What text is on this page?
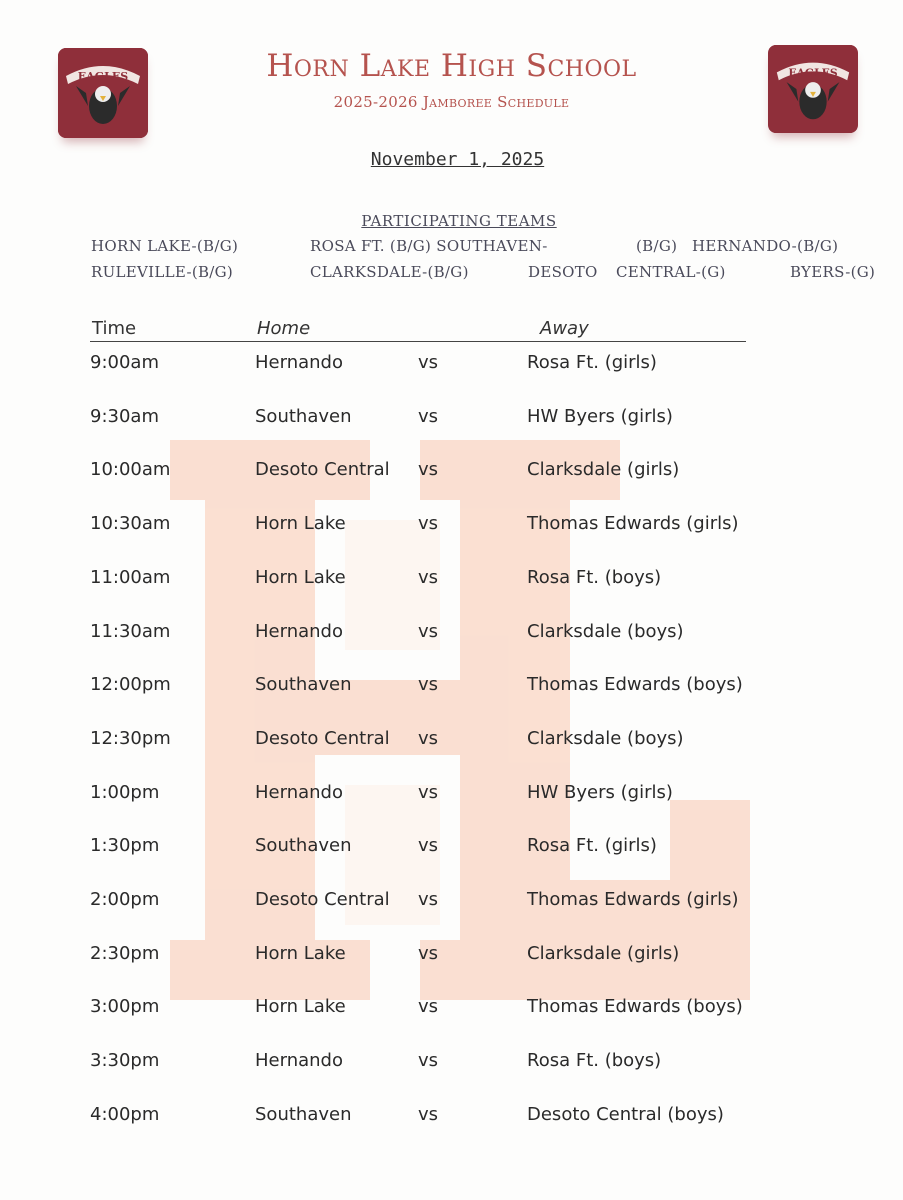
EAGLES	EAGLES
Horn Lake High School
2025-2026 Jamboree Schedule
November 1, 2025
PARTICIPATING TEAMS
HORN LAKE-(B/G)	ROSA FT. (B/G) SOUTHAVEN-	(B/G) HERNANDO-(B/G)
RULEVILLE-(B/G)	CLARKSDALE-(B/G)	DESOTO CENTRAL-(G)	BYERS-(G)
Time	Home	Away
9:00am	Hernando	vs	Rosa Ft. (girls)
9:30am	Southaven	vs	HW Byers (girls)
10:00am	Desoto Central vs	Clarksdale (girls)
10:30am	Horn Lake	vs	Thomas Edwards (girls)
11:00am	Horn Lake	vs	Rosa Ft. (boys)
11:30am	Hernando	vs	Clarksdale (boys)
12:00pm	Southaven	vs	Thomas Edwards (boys)
12:30pm	Desoto Central vs	Clarksdale (boys)
1:00pm	Hernando	vs	HW Byers (girls)
1:30pm	Southaven	vs	Rosa Ft. (girls)
2:00pm	Desoto Central vs	Thomas Edwards (girls)
2:30pm	Horn Lake	vs	Clarksdale (girls)
3:00pm	Horn Lake	vs	Thomas Edwards (boys)
3:30pm	Hernando	vs	Rosa Ft. (boys)
4:00pm	Southaven	vs	Desoto Central (boys)
